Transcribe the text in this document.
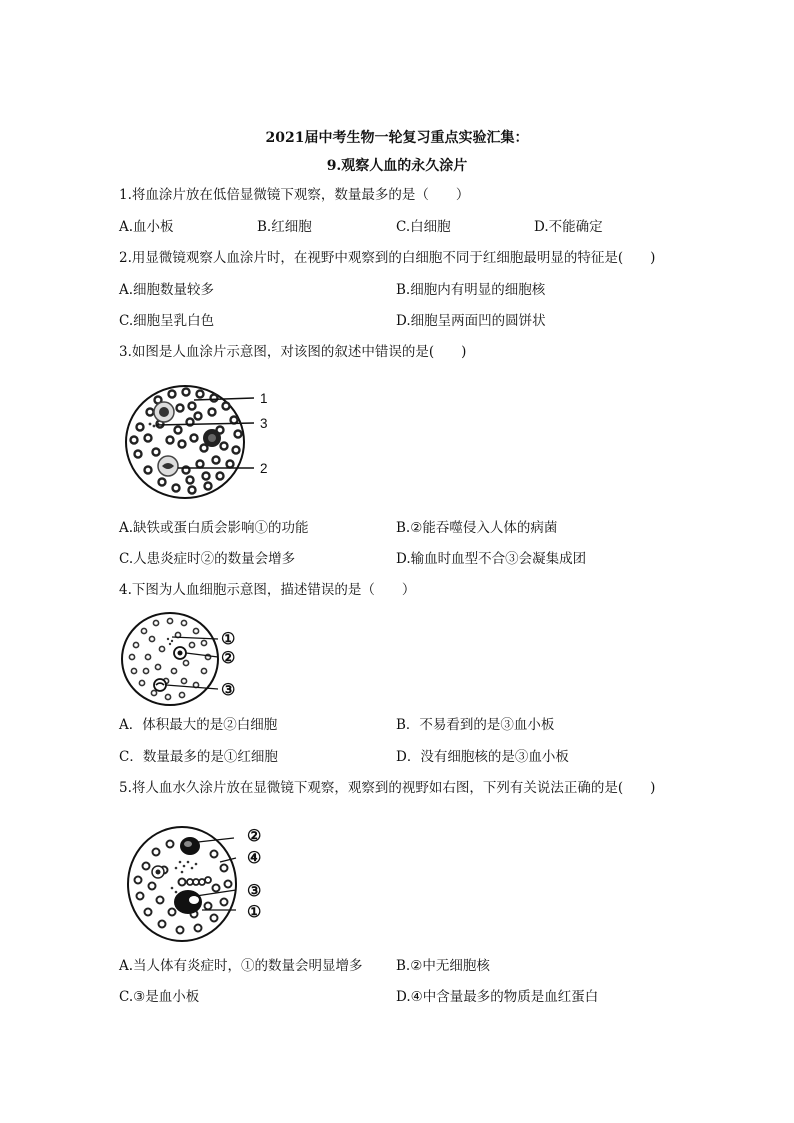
2021届中考生物一轮复习重点实验汇集：
9.观察人血的永久涂片
1.将血涂片放在低倍显微镜下观察，数量最多的是（　　）
A.血小板	B.红细胞	C.白细胞	D.不能确定
2.用显微镜观察人血涂片时，在视野中观察到的白细胞不同于红细胞最明显的特征是(　　)
A.细胞数量较多	B.细胞内有明显的细胞核
C.细胞呈乳白色	D.细胞呈两面凹的圆饼状
3.如图是人血涂片示意图，对该图的叙述中错误的是(　　)
1
3
2
A.缺铁或蛋白质会影响①的功能	B.②能吞噬侵入人体的病菌
C.人患炎症时②的数量会增多	D.输血时血型不合③会凝集成团
4.下图为人血细胞示意图，描述错误的是（　　）
①
②
③
A．体积最大的是②白细胞	B．不易看到的是③血小板
C．数量最多的是①红细胞	D．没有细胞核的是③血小板
5.将人血水久涂片放在显微镜下观察，观察到的视野如右图，下列有关说法正确的是(　　)
②
④
③
①
A.当人体有炎症时，①的数量会明显增多 B.②中无细胞核
C.③是血小板	D.④中含量最多的物质是血红蛋白
